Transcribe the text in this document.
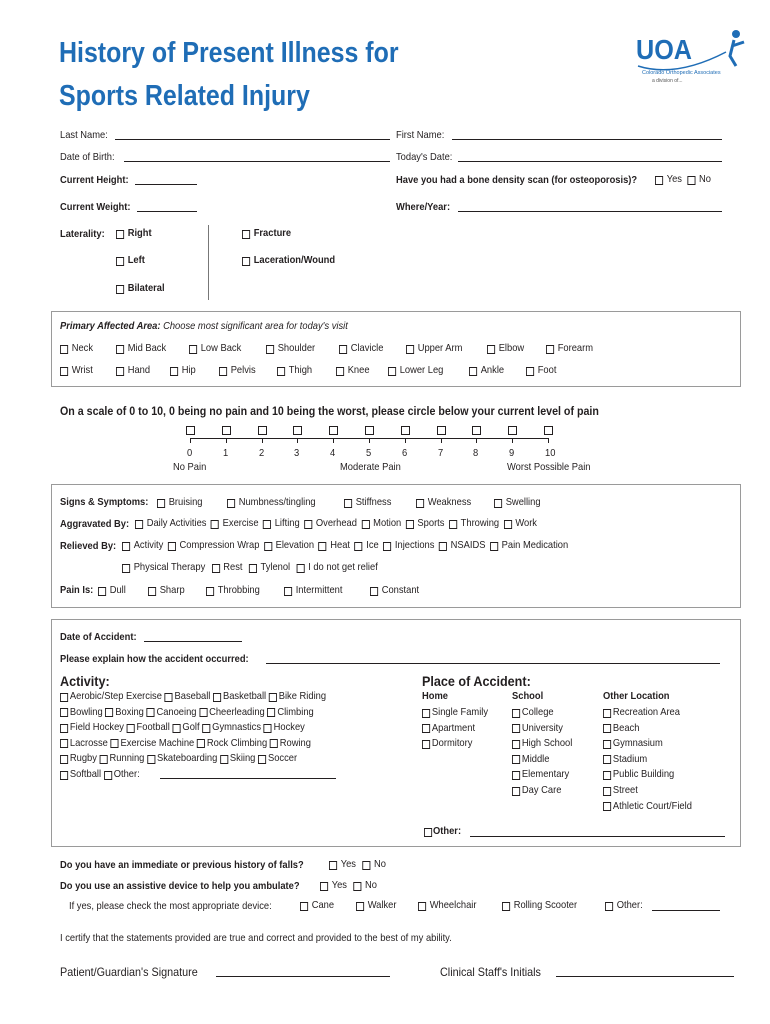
History of Present Illness for
Sports Related Injury
UOA
Colorado Orthopedic Associates
a division of...
Last Name:	First Name:
Date of Birth:	Today's Date:
Current Height:	Have you had a bone density scan (for osteoporosis)?	Yes No
Current Weight:	Where/Year:
Laterality: Right
Left
Bilateral
Fracture
Laceration/Wound
Primary Affected Area: Choose most significant area for today's visit
On a scale of 0 to 10, 0 being no pain and 10 being the worst, please circle below your current level of pain
No Pain	Moderate Pain	Worst Possible Pain
Signs & Symptoms:
Aggravated By: Daily Activities Exercise Lifting Overhead Motion Sports Throwing Work
Relieved By: Activity Compression Wrap Elevation Heat Ice Injections NSAIDS Pain Medication
Physical Therapy Rest Tylenol I do not get relief
Pain Is:
Date of Accident:
Please explain how the accident occurred:
Activity:	Place of Accident:
Home	School	Other Location
Other:
Do you have an immediate or previous history of falls?	Yes No
Do you use an assistive device to help you ambulate?	Yes No
If yes, please check the most appropriate device:
I certify that the statements provided are true and correct and provided to the best of my ability.
Patient/Guardian's Signature	Clinical Staff's Initials
Neck	Mid Back	Low Back	Shoulder	Clavicle	Upper Arm	Elbow	Forearm
Wrist	Hand	Hip	Pelvis	Thigh	Knee	Lower Leg	Ankle	Foot
0	1	2	3	4	5	6	7	8	9	10
Bruising	Numbness/tingling	Stiffness	Weakness	Swelling
Dull	Sharp	Throbbing	Intermittent	Constant
Aerobic/Step Exercise Baseball Basketball Bike Riding
Bowling Boxing Canoeing Cheerleading Climbing
Field Hockey Football Golf Gymnastics Hockey
Lacrosse Exercise Machine Rock Climbing Rowing
Rugby Running Skateboarding Skiing Soccer
Softball Other:
Single Family
Apartment
Dormitory
College
University
High School
Middle
Elementary
Day Care
Recreation Area
Beach
Gymnasium
Stadium
Public Building
Street
Athletic Court/Field
Cane	Walker	Wheelchair	Rolling Scooter	Other:
